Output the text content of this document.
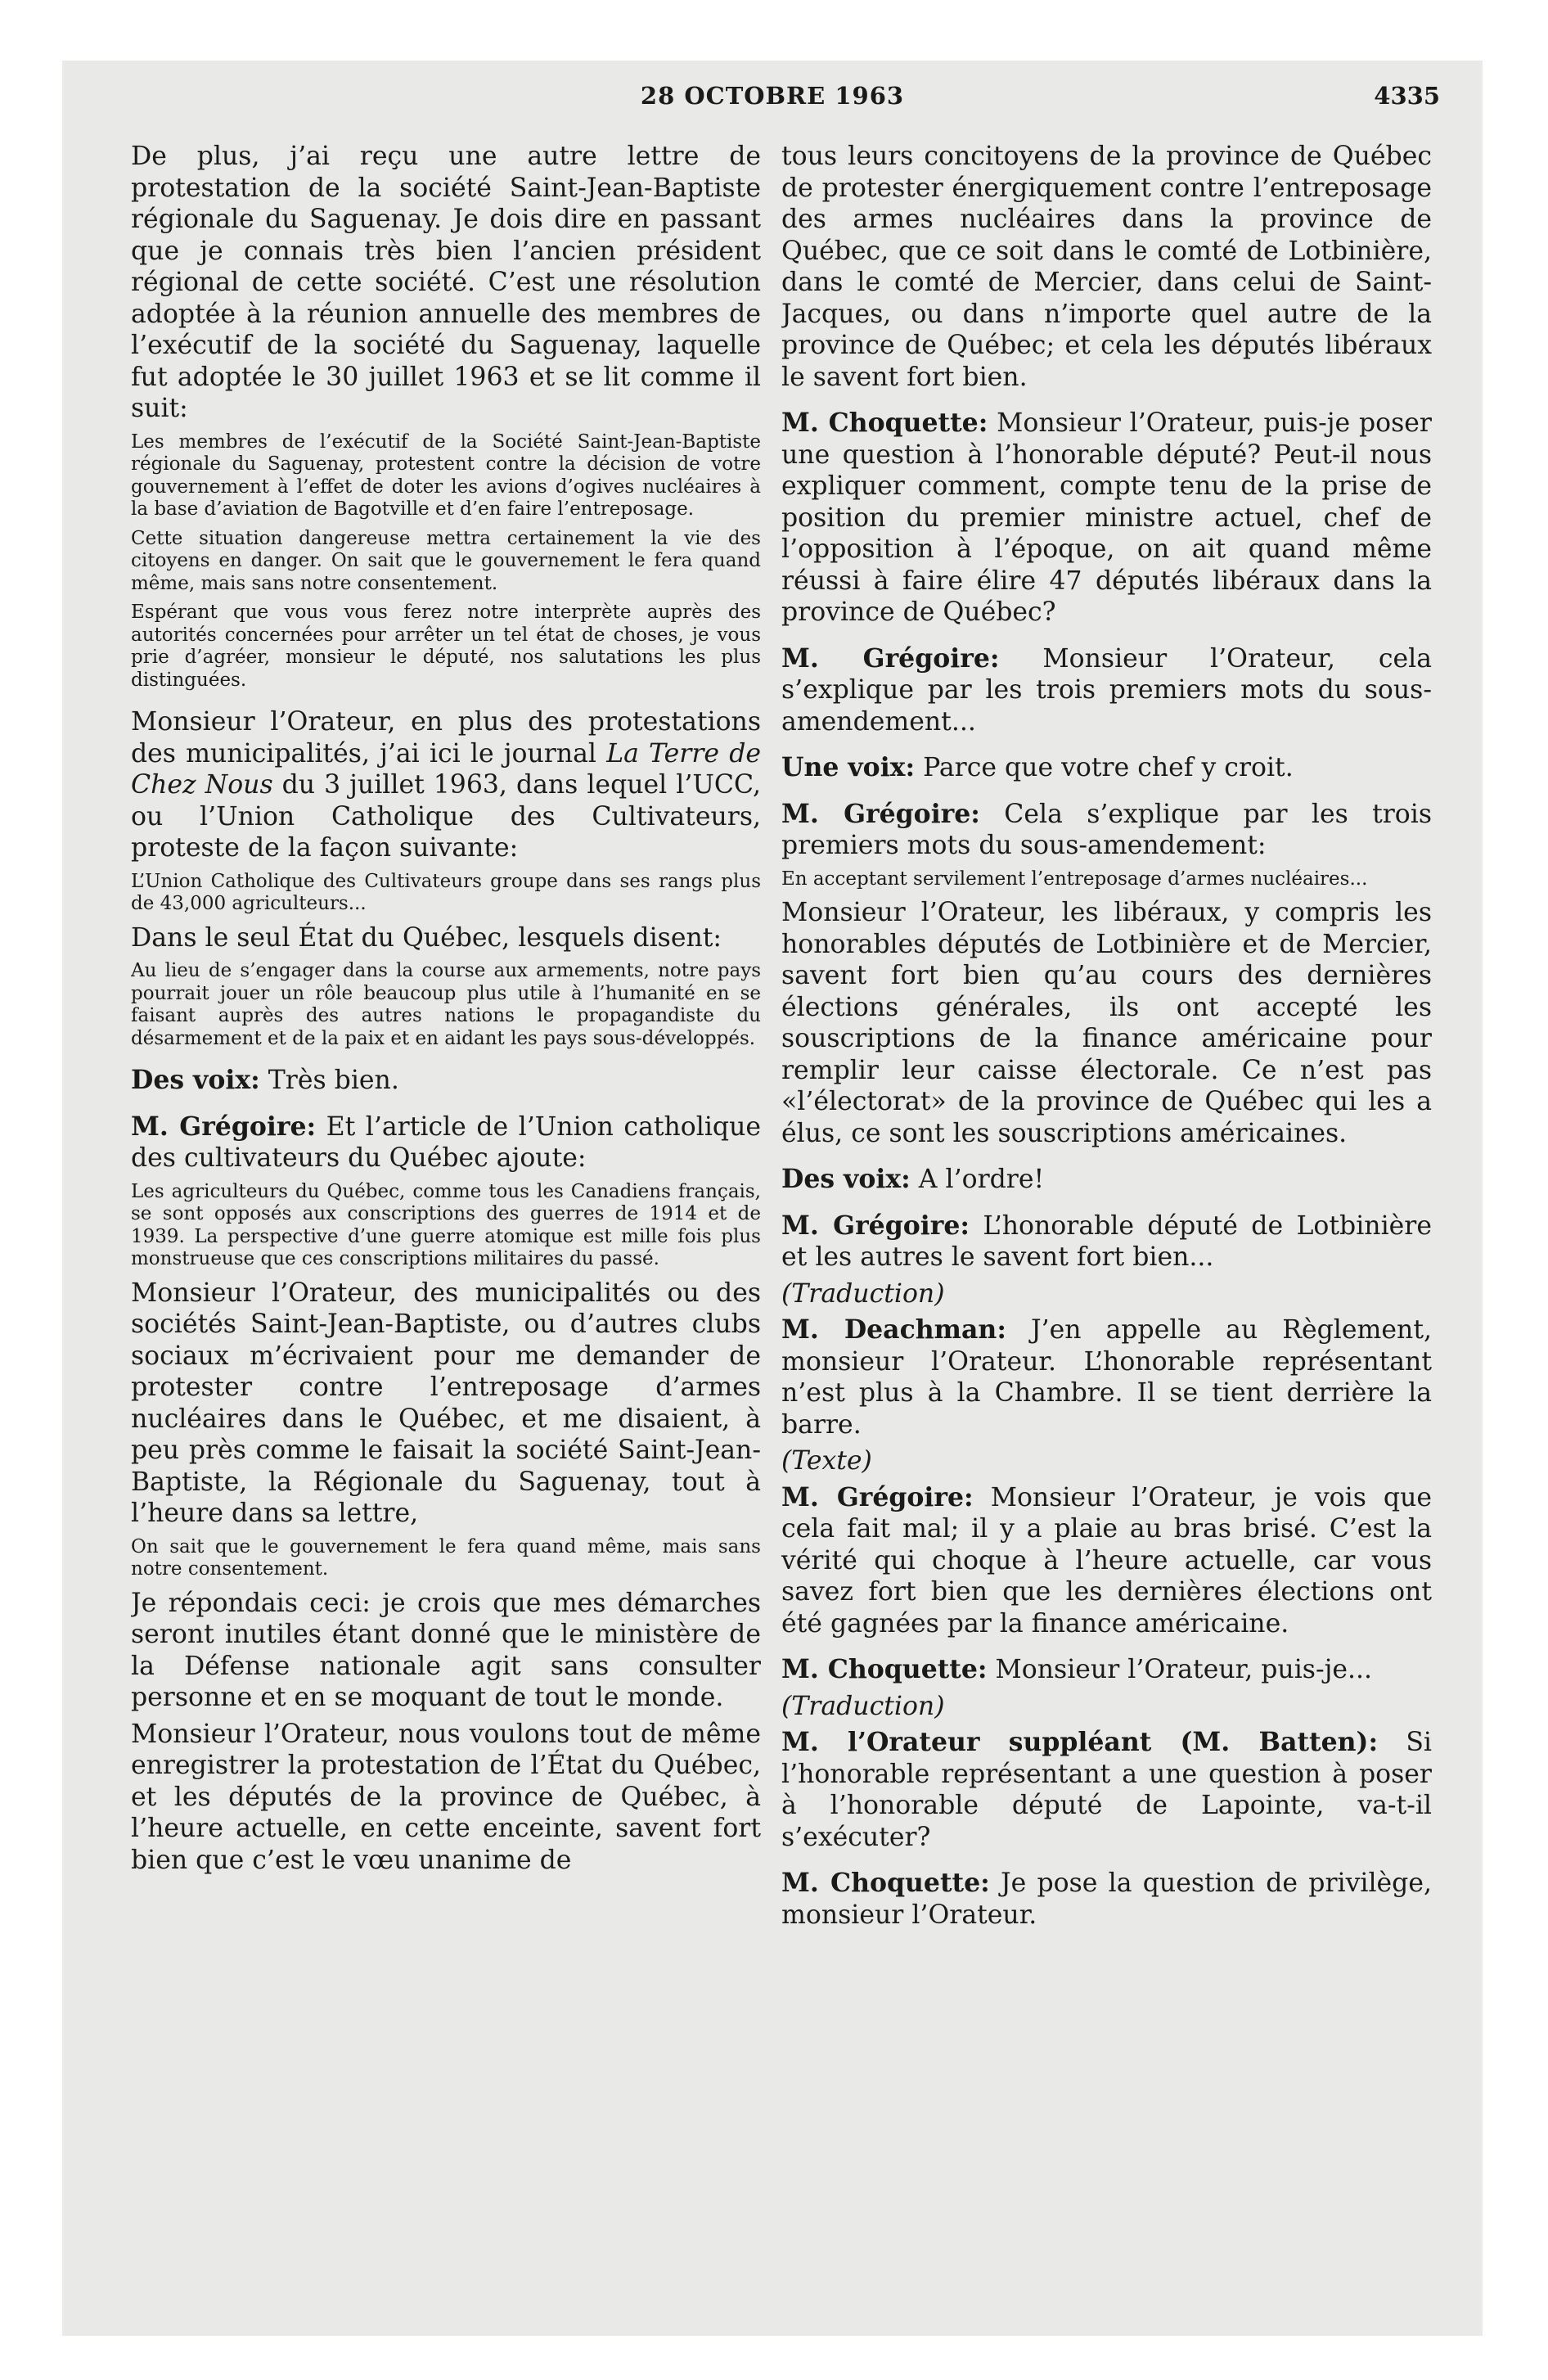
28 OCTOBRE 1963	4335

De plus, j’ai reçu une autre lettre de protestation de la société Saint-Jean-Baptiste régionale du Saguenay. Je dois dire en passant que je connais très bien l’ancien président régional de cette société. C’est une résolution adoptée à la réunion annuelle des membres de l’exécutif de la société du Saguenay, laquelle fut adoptée le 30 juillet 1963 et se lit comme il suit:

Les membres de l’exécutif de la Société Saint-Jean-Baptiste régionale du Saguenay, protestent contre la décision de votre gouvernement à l’effet de doter les avions d’ogives nucléaires à la base d’aviation de Bagotville et d’en faire l’entreposage.

Cette situation dangereuse mettra certainement la vie des citoyens en danger. On sait que le gouvernement le fera quand même, mais sans notre consentement.

Espérant que vous vous ferez notre interprète auprès des autorités concernées pour arrêter un tel état de choses, je vous prie d’agréer, monsieur le député, nos salutations les plus distinguées.

Monsieur l’Orateur, en plus des protestations des municipalités, j’ai ici le journal La Terre de Chez Nous du 3 juillet 1963, dans lequel l’UCC, ou l’Union Catholique des Cultivateurs, proteste de la façon suivante:

L’Union Catholique des Cultivateurs groupe dans ses rangs plus de 43,000 agriculteurs...

Dans le seul État du Québec, lesquels disent:

Au lieu de s’engager dans la course aux armements, notre pays pourrait jouer un rôle beaucoup plus utile à l’humanité en se faisant auprès des autres nations le propagandiste du désarmement et de la paix et en aidant les pays sous-développés.

Des voix: Très bien.

M. Grégoire: Et l’article de l’Union catholique des cultivateurs du Québec ajoute:

Les agriculteurs du Québec, comme tous les Canadiens français, se sont opposés aux conscriptions des guerres de 1914 et de 1939. La perspective d’une guerre atomique est mille fois plus monstrueuse que ces conscriptions militaires du passé.

Monsieur l’Orateur, des municipalités ou des sociétés Saint-Jean-Baptiste, ou d’autres clubs sociaux m’écrivaient pour me demander de protester contre l’entreposage d’armes nucléaires dans le Québec, et me disaient, à peu près comme le faisait la société Saint-Jean-Baptiste, la Régionale du Saguenay, tout à l’heure dans sa lettre,

On sait que le gouvernement le fera quand même, mais sans notre consentement.

Je répondais ceci: je crois que mes démarches seront inutiles étant donné que le ministère de la Défense nationale agit sans consulter personne et en se moquant de tout le monde.

Monsieur l’Orateur, nous voulons tout de même enregistrer la protestation de l’État du Québec, et les députés de la province de Québec, à l’heure actuelle, en cette enceinte, savent fort bien que c’est le vœu unanime de

tous leurs concitoyens de la province de Québec de protester énergiquement contre l’entreposage des armes nucléaires dans la province de Québec, que ce soit dans le comté de Lotbinière, dans le comté de Mercier, dans celui de Saint-Jacques, ou dans n’importe quel autre de la province de Québec; et cela les députés libéraux le savent fort bien.

M. Choquette: Monsieur l’Orateur, puis-je poser une question à l’honorable député? Peut-il nous expliquer comment, compte tenu de la prise de position du premier ministre actuel, chef de l’opposition à l’époque, on ait quand même réussi à faire élire 47 députés libéraux dans la province de Québec?

M. Grégoire: Monsieur l’Orateur, cela s’explique par les trois premiers mots du sous-amendement...

Une voix: Parce que votre chef y croit.

M. Grégoire: Cela s’explique par les trois premiers mots du sous-amendement:

En acceptant servilement l’entreposage d’armes nucléaires...

Monsieur l’Orateur, les libéraux, y compris les honorables députés de Lotbinière et de Mercier, savent fort bien qu’au cours des dernières élections générales, ils ont accepté les souscriptions de la finance américaine pour remplir leur caisse électorale. Ce n’est pas «l’électorat» de la province de Québec qui les a élus, ce sont les souscriptions américaines.

Des voix: A l’ordre!

M. Grégoire: L’honorable député de Lotbinière et les autres le savent fort bien...

(Traduction)

M. Deachman: J’en appelle au Règlement, monsieur l’Orateur. L’honorable représentant n’est plus à la Chambre. Il se tient derrière la barre.

(Texte)

M. Grégoire: Monsieur l’Orateur, je vois que cela fait mal; il y a plaie au bras brisé. C’est la vérité qui choque à l’heure actuelle, car vous savez fort bien que les dernières élections ont été gagnées par la finance américaine.

M. Choquette: Monsieur l’Orateur, puis-je...

(Traduction)

M. l’Orateur suppléant (M. Batten): Si l’honorable représentant a une question à poser à l’honorable député de Lapointe, va-t-il s’exécuter?

M. Choquette: Je pose la question de privilège, monsieur l’Orateur.
